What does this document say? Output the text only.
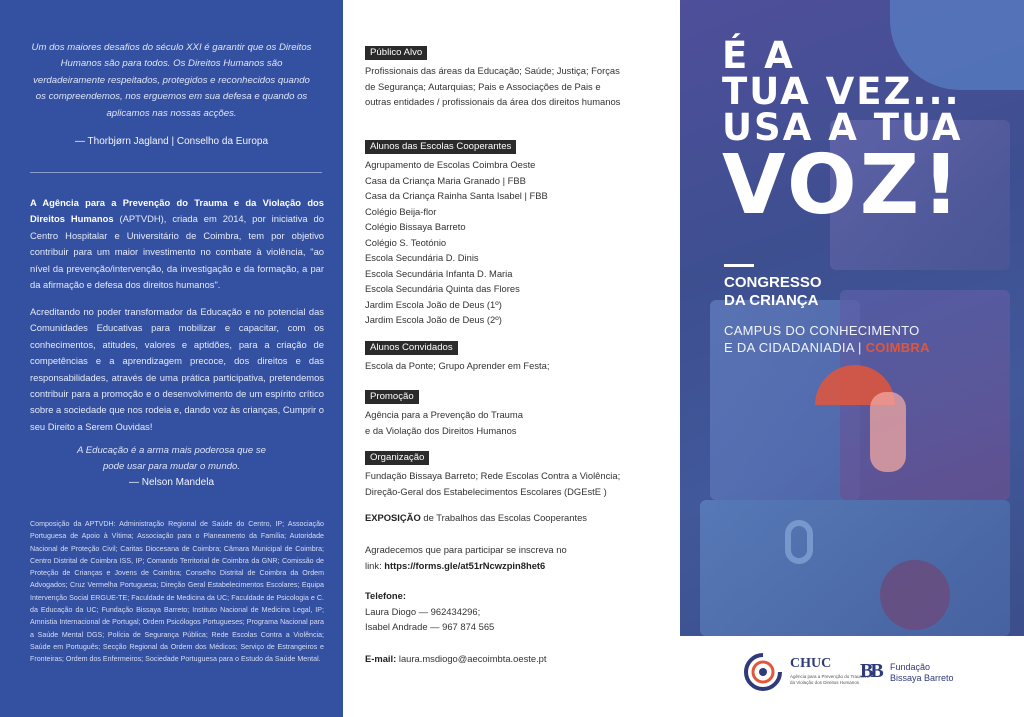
Um dos maiores desafios do século XXI é garantir que os Direitos Humanos são para todos. Os Direitos Humanos são verdadeiramente respeitados, protegidos e reconhecidos quando os compreendemos, nos erguemos em sua defesa e quando os aplicamos nas nossas acções.

— Thorbjørn Jagland | Conselho da Europa

A Agência para a Prevenção do Trauma e da Violação dos Direitos Humanos (APTVDH), criada em 2014, por iniciativa do Centro Hospitalar e Universitário de Coimbra, tem por objetivo contribuir para um maior investimento no combate à violência, "ao nível da prevenção/intervenção, da investigação e da formação, a par da afirmação e defesa dos direitos humanos".

Acreditando no poder transformador da Educação e no potencial das Comunidades Educativas para mobilizar e capacitar, com os conhecimentos, atitudes, valores e aptidões, para a criação de competências e a aprendizagem precoce, dos direitos e das responsabilidades, através de uma prática participativa, pretendemos contribuir para a promoção e o desenvolvimento de um espírito crítico sobre a sociedade que nos rodeia e, dando voz às crianças, Cumprir o seu Direito a Serem Ouvidas!

A Educação é a arma mais poderosa que se pode usar para mudar o mundo.

— Nelson Mandela

Composição da APTVDH: Administração Regional de Saúde do Centro, IP; Associação Portuguesa de Apoio à Vítima; Associação para o Planeamento da Família; Autoridade Nacional de Proteção Civil; Caritas Diocesana de Coimbra; Câmara Municipal de Coimbra; Centro Distrital de Coimbra ISS, IP; Comando Territorial de Coimbra da GNR; Comissão de Proteção de Crianças e Jovens de Coimbra; Conselho Distrital de Coimbra da Ordem Advogados; Cruz Vermelha Portuguesa; Direção Geral Estabelecimentos Escolares; Equipa Intervenção Social ERGUE-TE; Faculdade de Medicina da UC; Faculdade de Psicologia e C. da Educação da UC; Fundação Bissaya Barreto; Instituto Nacional de Medicina Legal, IP; Amnistia Internacional de Portugal; Ordem Psicólogos Portugueses; Programa Nacional para a Saúde Mental DGS; Polícia de Segurança Pública; Rede Escolas Contra a Violência; Saúde em Português; Secção Regional da Ordem dos Médicos; Serviço de Estrangeiros e Fronteiras; Ordem dos Enfermeiros; Sociedade Portuguesa para o Estudo da Saúde Mental.

Público Alvo

Profissionais das áreas da Educação; Saúde; Justiça; Forças de Segurança; Autarquias; Pais e Associações de Pais e outras entidades / profissionais da área dos direitos humanos

Alunos das Escolas Cooperantes
Agrupamento de Escolas Coimbra Oeste
Casa da Criança Maria Granado | FBB
Casa da Criança Rainha Santa Isabel | FBB
Colégio Beija-flor
Colégio Bissaya Barreto
Colégio S. Teotónio
Escola Secundária D. Dinis
Escola Secundária Infanta D. Maria
Escola Secundária Quinta das Flores
Jardim Escola João de Deus (1º)
Jardim Escola João de Deus (2º)
Alunos Convidados

Escola da Ponte; Grupo Aprender em Festa;

Promoção

Agência para a Prevenção do Trauma

e da Violação dos Direitos Humanos

Organização

Fundação Bissaya Barreto; Rede Escolas Contra a Violência;

Direção-Geral dos Estabelecimentos Escolares (DGEstE )

EXPOSIÇÃO de Trabalhos das Escolas Cooperantes

Agradecemos que para participar se inscreva no

link: https://forms.gle/at51rNcwzpin8het6

Telefone:

Laura Diogo — 962434296;

Isabel Andrade — 967 874 565

E-mail: laura.msdiogo@aecoimbta.oeste.pt

É A
TUA VEZ...
USA A TUA
VOZ!
CONGRESSO
DA CRIANÇA
CAMPUS DO CONHECIMENTO
E DA CIDADANIADIA | COIMBRA
CHUC
Agência para a Prevenção do Trauma e da Violação dos Direitos Humanos BB Fundação
Bissaya Barreto
